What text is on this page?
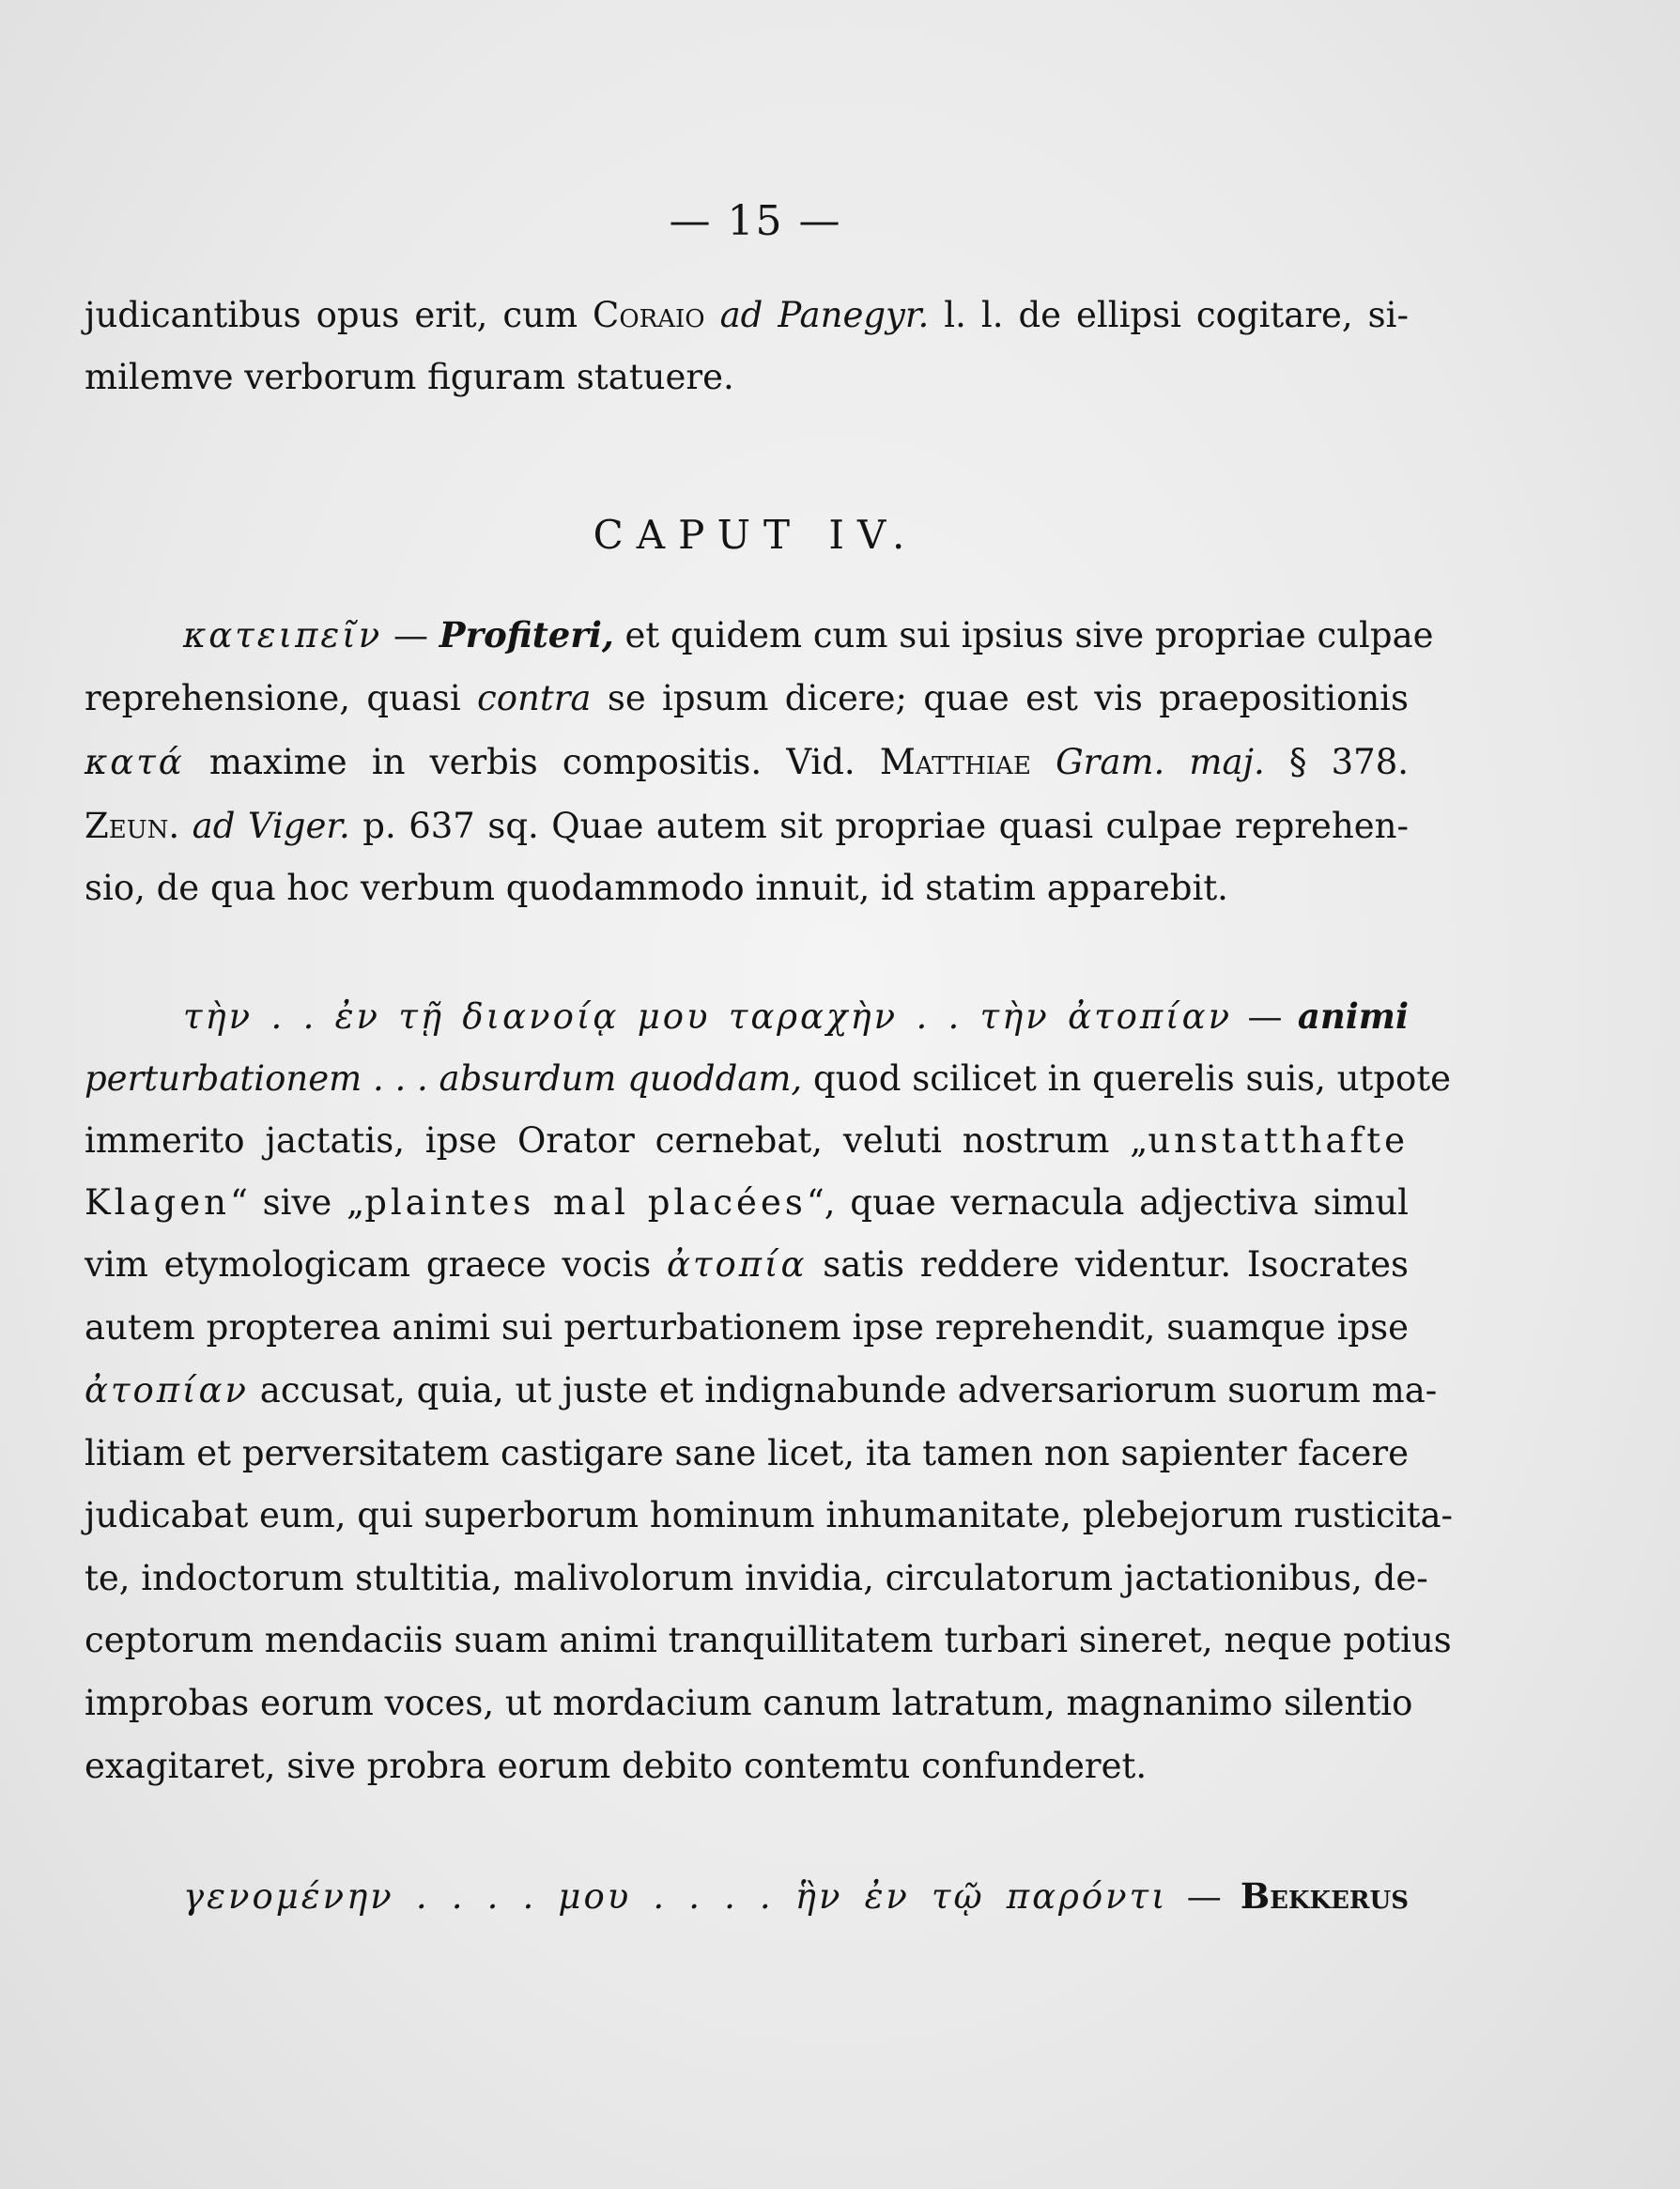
— 15 —
judicantibus opus erit, cum Coraio ad Panegyr. l. l. de ellipsi cogitare, si-
milemve verborum figuram statuere.
CAPUT IV.
κατειπεῖν — Profiteri, et quidem cum sui ipsius sive propriae culpae
reprehensione, quasi contra se ipsum dicere; quae est vis praepositionis
κατά maxime in verbis compositis. Vid. Matthiae Gram. maj. § 378.
Zeun. ad Viger. p. 637 sq. Quae autem sit propriae quasi culpae reprehen-
sio, de qua hoc verbum quodammodo innuit, id statim apparebit.
τὴν . . ἐν τῇ διανοίᾳ μου ταραχὴν . . τὴν ἀτοπίαν — animi
perturbationem . . . absurdum quoddam, quod scilicet in querelis suis, utpote
immerito jactatis, ipse Orator cernebat, veluti nostrum „unstatthafte
Klagen“ sive „plaintes mal placées“, quae vernacula adjectiva simul
vim etymologicam graece vocis ἀτοπία satis reddere videntur. Isocrates
autem propterea animi sui perturbationem ipse reprehendit, suamque ipse
ἀτοπίαν accusat, quia, ut juste et indignabunde adversariorum suorum ma-
litiam et perversitatem castigare sane licet, ita tamen non sapienter facere
judicabat eum, qui superborum hominum inhumanitate, plebejorum rusticita-
te, indoctorum stultitia, malivolorum invidia, circulatorum jactationibus, de-
ceptorum mendaciis suam animi tranquillitatem turbari sineret, neque potius
improbas eorum voces, ut mordacium canum latratum, magnanimo silentio
exagitaret, sive probra eorum debito contemtu confunderet.
γενομένην . . . . μου . . . . ἣν ἐν τῷ παρόντι — Bekkerus
